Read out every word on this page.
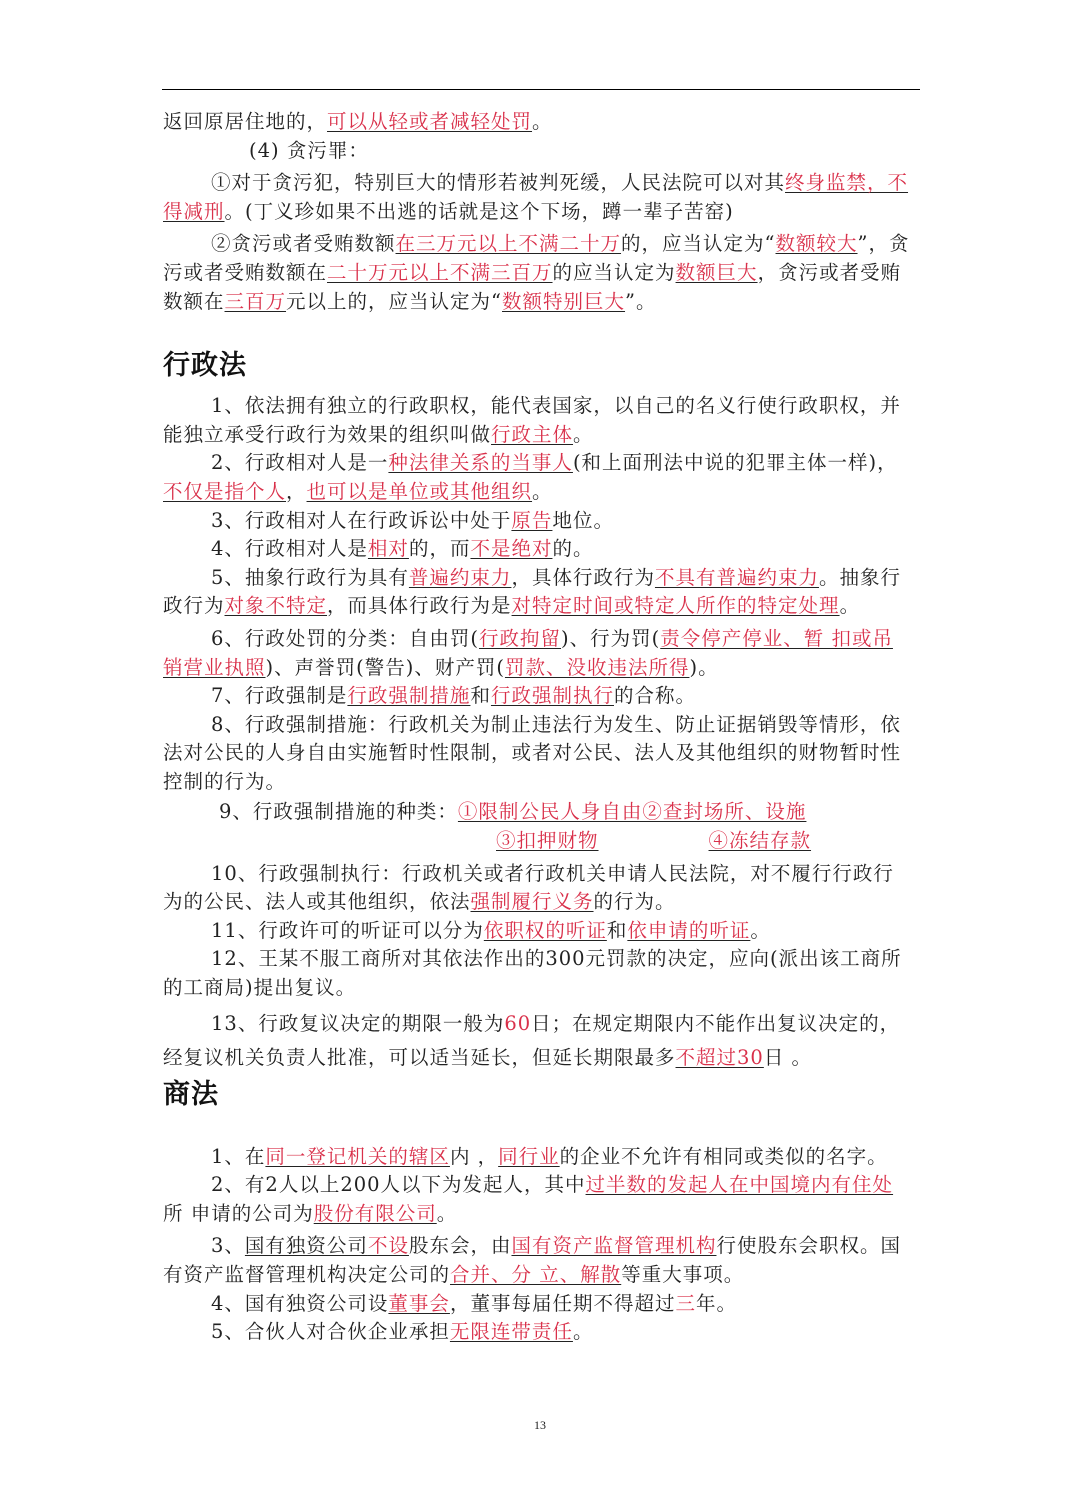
返回原居住地的，可以从轻或者减轻处罚。

(4) 贪污罪：

①对于贪污犯，特别巨大的情形若被判死缓，人民法院可以对其终身监禁，不得减刑。(丁义珍如果不出逃的话就是这个下场，蹲一辈子苦窑)

②贪污或者受贿数额在三万元以上不满二十万的，应当认定为“数额较大”，贪污或者受贿数额在二十万元以上不满三百万的应当认定为数额巨大，贪污或者受贿数额在三百万元以上的，应当认定为“数额特别巨大”。

行政法

1、依法拥有独立的行政职权，能代表国家，以自己的名义行使行政职权，并能独立承受行政行为效果的组织叫做行政主体。

2、行政相对人是一种法律关系的当事人(和上面刑法中说的犯罪主体一样)，不仅是指个人，也可以是单位或其他组织。

3、行政相对人在行政诉讼中处于原告地位。

4、行政相对人是相对的，而不是绝对的。

5、抽象行政行为具有普遍约束力，具体行政行为不具有普遍约束力。抽象行政行为对象不特定，而具体行政行为是对特定时间或特定人所作的特定处理。

6、行政处罚的分类：自由罚(行政拘留)、行为罚(责令停产停业、暂 扣或吊销营业执照)、声誉罚(警告)、财产罚(罚款、没收违法所得)。

7、行政强制是行政强制措施和行政强制执行的合称。

8、行政强制措施：行政机关为制止违法行为发生、防止证据销毁等情形，依法对公民的人身自由实施暂时性限制，或者对公民、法人及其他组织的财物暂时性控制的行为。

9、行政强制措施的种类：①限制公民人身自由②查封场所、设施

③扣押财物	④冻结存款

10、行政强制执行：行政机关或者行政机关申请人民法院，对不履行行政行为的公民、法人或其他组织，依法强制履行义务的行为。

11、行政许可的听证可以分为依职权的听证和依申请的听证。

12、王某不服工商所对其依法作出的300元罚款的决定，应向(派出该工商所的工商局)提出复议。

13、行政复议决定的期限一般为60日；在规定期限内不能作出复议决定的，经复议机关负责人批准，可以适当延长，但延长期限最多不超过30日 。

商法

1、在同一登记机关的辖区内 ，同行业的企业不允许有相同或类似的名字。

2、有2人以上200人以下为发起人，其中过半数的发起人在中国境内有住处所 申请的公司为股份有限公司。

3、国有独资公司不设股东会，由国有资产监督管理机构行使股东会职权。国有资产监督管理机构决定公司的合并、分 立、解散等重大事项。

4、国有独资公司设董事会，董事每届任期不得超过三年。

5、合伙人对合伙企业承担无限连带责任。

13
